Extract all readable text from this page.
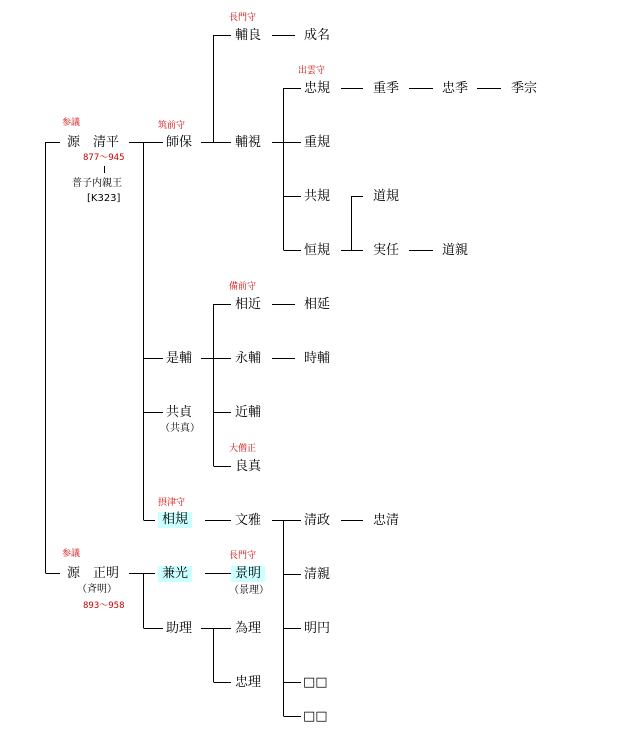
参議
参議
筑前守
摂津守
長門守
備前守
大僧正
長門守
出雲守
源　清平
877～945
普子内親王
[K323]
源　正明
（斉明）
893～958
師保
是輔
共貞
（共真）
相規
兼光
助理
輔良
輔視
相近
永輔
近輔
良真
文雅
景明
（景理）
為理
忠理
成名
忠規
重規
共規
恒規
相延
時輔
清政
清親
明円
□□
□□
重季
道規
実任
忠清
忠季
道親
季宗
